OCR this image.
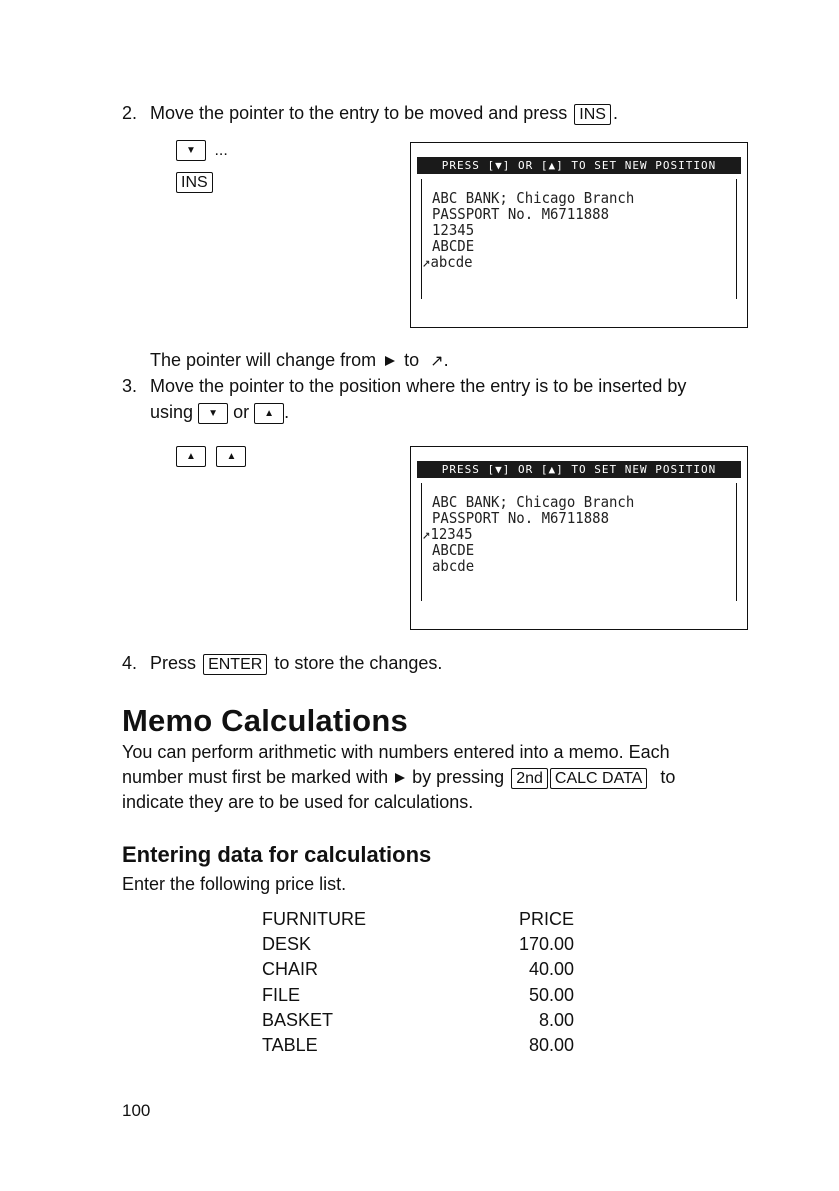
2. Move the pointer to the entry to be moved and press INS .
▼ ...
INS
PRESS [▼] OR [▲] TO SET NEW POSITION
ABC BANK; Chicago Branch
PASSPORT No. M6711888
12345
ABCDE
↗abcde
The pointer will change from to ↗.
3. Move the pointer to the position where the entry is to be inserted by
using ▼ or ▲ .
▲	▲
PRESS [▼] OR [▲] TO SET NEW POSITION
ABC BANK; Chicago Branch
PASSPORT No. M6711888
↗12345
ABCDE
abcde
4. Press ENTER to store the changes.
Memo Calculations
You can perform arithmetic with numbers entered into a memo. Each
number must first be marked with by pressing 2nd CALC DATA to
indicate they are to be used for calculations.
Entering data for calculations
Enter the following price list.
FURNITURE	PRICE
DESK	170.00
CHAIR	40.00
FILE	50.00
BASKET	8.00
TABLE	80.00
100
